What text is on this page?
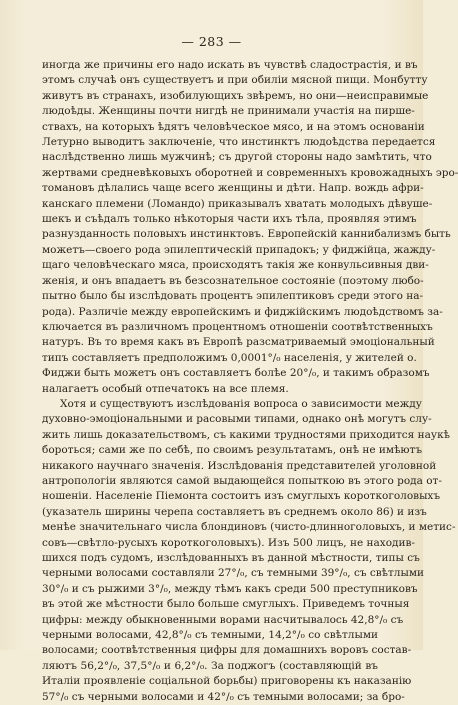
— 283 —
иногда же причины его надо искать въ чувствѣ сладострастія, и въ
этомъ случаѣ онъ существуетъ и при обиліи мясной пищи. Монбутту
живутъ въ странахъ, изобилующихъ звѣремъ, но они—неисправимые
людоѣды. Женщины почти нигдѣ не принимали участія на пирше-
ствахъ, на которыхъ ѣдятъ человѣческое мясо, и на этомъ основаніи
Летурно выводитъ заключеніе, что инстинктъ людоѣдства передается
наслѣдственно лишь мужчинѣ; съ другой стороны надо замѣтить, что
жертвами средневѣковыхъ оборотней и современныхъ кровожадныхъ эро-
томановъ дѣлались чаще всего женщины и дѣти. Напр. вождь афри-
канскаго племени (Ломандо) приказывалъ хватать молодыхъ дѣвуше-
шекъ и съѣдалъ только нѣкоторыя части ихъ тѣла, проявляя этимъ
разнузданность половыхъ инстинктовъ. Европейскій каннибализмъ быть
можетъ—своего рода эпилептическій припадокъ; у фиджійца, жажду-
щаго человѣческаго мяса, происходятъ такія же конвульсивныя дви-
женія, и онъ впадаетъ въ безсознательное состояніе (поэтому любо-
пытно было бы изслѣдовать процентъ эпилептиковъ среди этого на-
рода). Различіе между европейскимъ и фиджійскимъ людоѣдствомъ за-
ключается въ различномъ процентномъ отношеніи соотвѣтственныхъ
натуръ. Въ то время какъ въ Европѣ разсматриваемый эмоціональный
типъ составляетъ предположимъ 0,0001°/₀ населенія, у жителей о.
Фиджи быть можетъ онъ составляетъ болѣе 20°/₀, и такимъ образомъ
налагаетъ особый отпечатокъ на все племя.
Хотя и существуютъ изслѣдованія вопроса о зависимости между
духовно-эмоціональными и расовыми типами, однако онѣ могутъ слу-
жить лишь доказательствомъ, съ какими трудностями приходится наукѣ
бороться; сами же по себѣ, по своимъ результатамъ, онѣ не имѣютъ
никакого научнаго значенія. Изслѣдованія представителей уголовной
антропологіи являются самой выдающейся попыткою въ этого рода от-
ношеніи. Населеніе Піемонта состоитъ изъ смуглыхъ короткоголовыхъ
(указатель ширины черепа составляетъ въ среднемъ около 86) и изъ
менѣе значительнаго числа блондиновъ (чисто-длинноголовыхъ, и метис-
совъ—свѣтло-русыхъ короткоголовыхъ). Изъ 500 лицъ, не находив-
шихся подъ судомъ, изслѣдованныхъ въ данной мѣстности, типы съ
черными волосами составляли 27°/₀, съ темными 39°/₀, съ свѣтлыми
30°/₀ и съ рыжими 3°/₀, между тѣмъ какъ среди 500 преступниковъ
въ этой же мѣстности было больше смуглыхъ. Приведемъ точныя
цифры: между обыкновенными ворами насчитывалось 42,8°/₀ съ
черными волосами, 42,8°/₀ съ темными, 14,2°/₀ со свѣтлыми
волосами; соотвѣтственныя цифры для домашнихъ воровъ состав-
ляютъ 56,2°/₀, 37,5°/₀ и 6,2°/₀. За поджогъ (составляющій въ
Италіи проявленіе соціальной борьбы) приговорены къ наказанію
57°/₀ съ черными волосами и 42°/₀ съ темными волосами; за бро-
